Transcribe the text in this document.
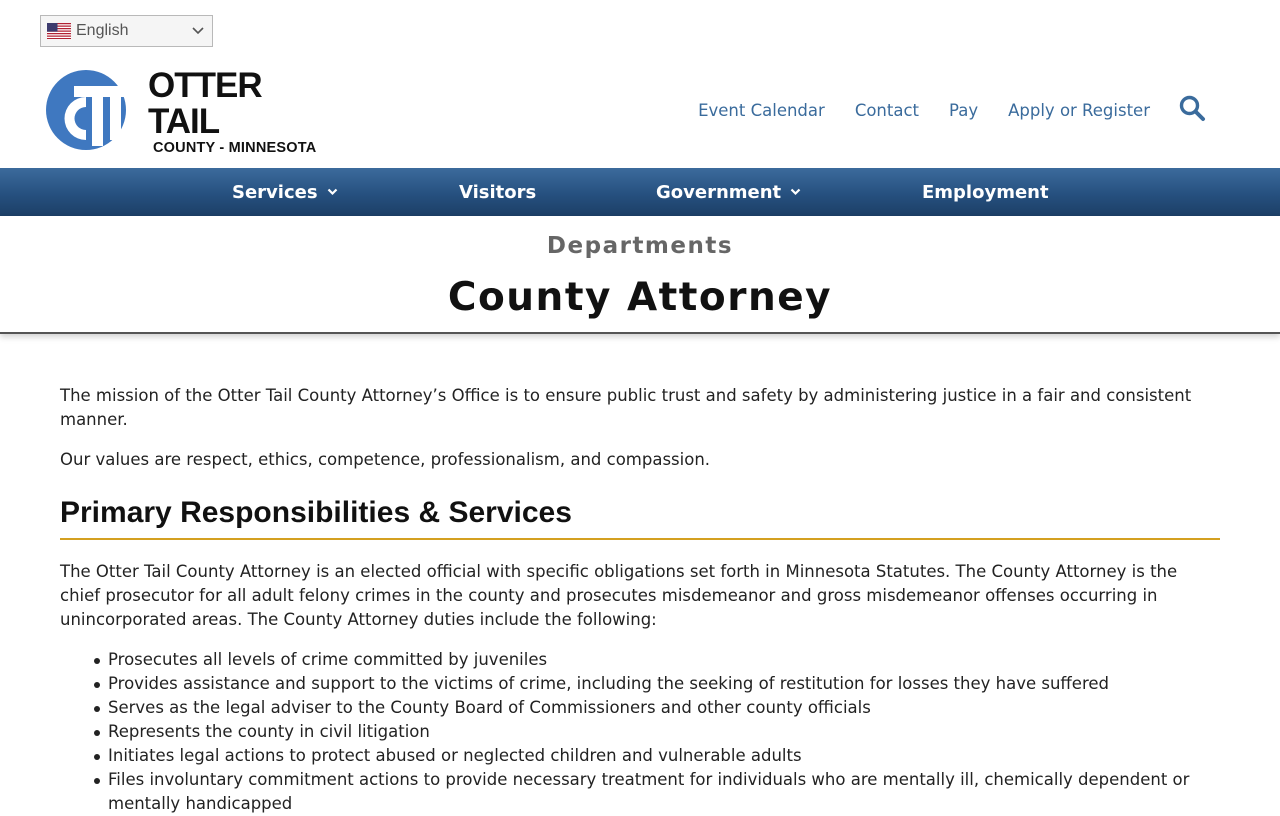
English
OTTER TAIL
COUNTY - MINNESOTA
Event Calendar Contact Pay Apply or Register
Services	Visitors	Government	Employment
Departments
County Attorney

The mission of the Otter Tail County Attorney’s Office is to ensure public trust and safety by administering justice in a fair and consistent manner.

Our values are respect, ethics, competence, professionalism, and compassion.

Primary Responsibilities & Services

The Otter Tail County Attorney is an elected official with specific obligations set forth in Minnesota Statutes. The County Attorney is the chief prosecutor for all adult felony crimes in the county and prosecutes misdemeanor and gross misdemeanor offenses occurring in unincorporated areas. The County Attorney duties include the following:

Prosecutes all levels of crime committed by juveniles
Provides assistance and support to the victims of crime, including the seeking of restitution for losses they have suffered
Serves as the legal adviser to the County Board of Commissioners and other county officials
Represents the county in civil litigation
Initiates legal actions to protect abused or neglected children and vulnerable adults
Files involuntary commitment actions to provide necessary treatment for individuals who are mentally ill, chemically dependent or mentally handicapped
